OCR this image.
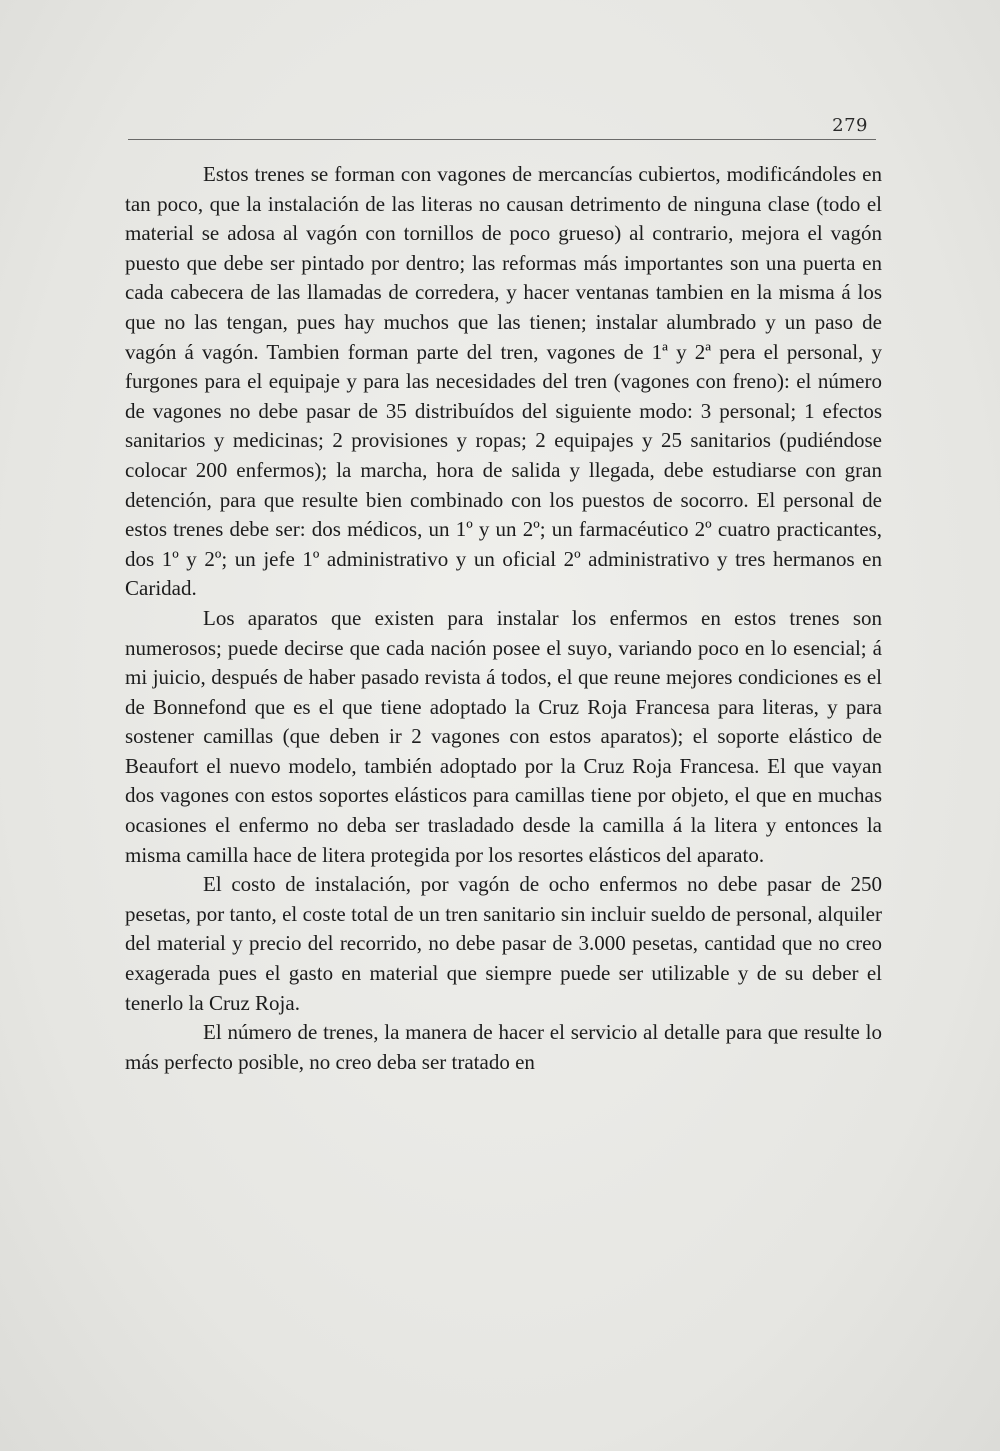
279

Estos trenes se forman con vagones de mercancías cubiertos, modificándoles en tan poco, que la instalación de las literas no causan detrimento de ninguna clase (todo el material se adosa al vagón con tornillos de poco grueso) al contrario, mejora el vagón puesto que debe ser pintado por dentro; las reformas más importantes son una puerta en cada cabecera de las llamadas de corredera, y hacer ventanas tambien en la misma á los que no las tengan, pues hay muchos que las tienen; instalar alumbrado y un paso de vagón á vagón. Tambien forman parte del tren, vagones de 1ª y 2ª pera el personal, y furgones para el equipaje y para las necesidades del tren (vagones con freno): el número de vagones no debe pasar de 35 distribuídos del siguiente modo: 3 personal; 1 efectos sanitarios y medicinas; 2 provisiones y ropas; 2 equipajes y 25 sanitarios (pudiéndose colocar 200 enfermos); la marcha, hora de salida y llegada, debe estudiarse con gran detención, para que resulte bien combinado con los puestos de socorro. El personal de estos trenes debe ser: dos médicos, un 1º y un 2º; un farmacéutico 2º cuatro practicantes, dos 1º y 2º; un jefe 1º administrativo y un oficial 2º administrativo y tres hermanos en Caridad.

Los aparatos que existen para instalar los enfermos en estos trenes son numerosos; puede decirse que cada nación posee el suyo, variando poco en lo esencial; á mi juicio, después de haber pasado revista á todos, el que reune mejores condiciones es el de Bonnefond que es el que tiene adoptado la Cruz Roja Francesa para literas, y para sostener camillas (que deben ir 2 vagones con estos aparatos); el soporte elástico de Beaufort el nuevo modelo, también adoptado por la Cruz Roja Francesa. El que vayan dos vagones con estos soportes elásticos para camillas tiene por objeto, el que en muchas ocasiones el enfermo no deba ser trasladado desde la camilla á la litera y entonces la misma camilla hace de litera protegida por los resortes elásticos del aparato.

El costo de instalación, por vagón de ocho enfermos no debe pasar de 250 pesetas, por tanto, el coste total de un tren sanitario sin incluir sueldo de personal, alquiler del material y precio del recorrido, no debe pasar de 3.000 pesetas, cantidad que no creo exagerada pues el gasto en material que siempre puede ser utilizable y de su deber el tenerlo la Cruz Roja.

El número de trenes, la manera de hacer el servicio al detalle para que resulte lo más perfecto posible, no creo deba ser tratado en
